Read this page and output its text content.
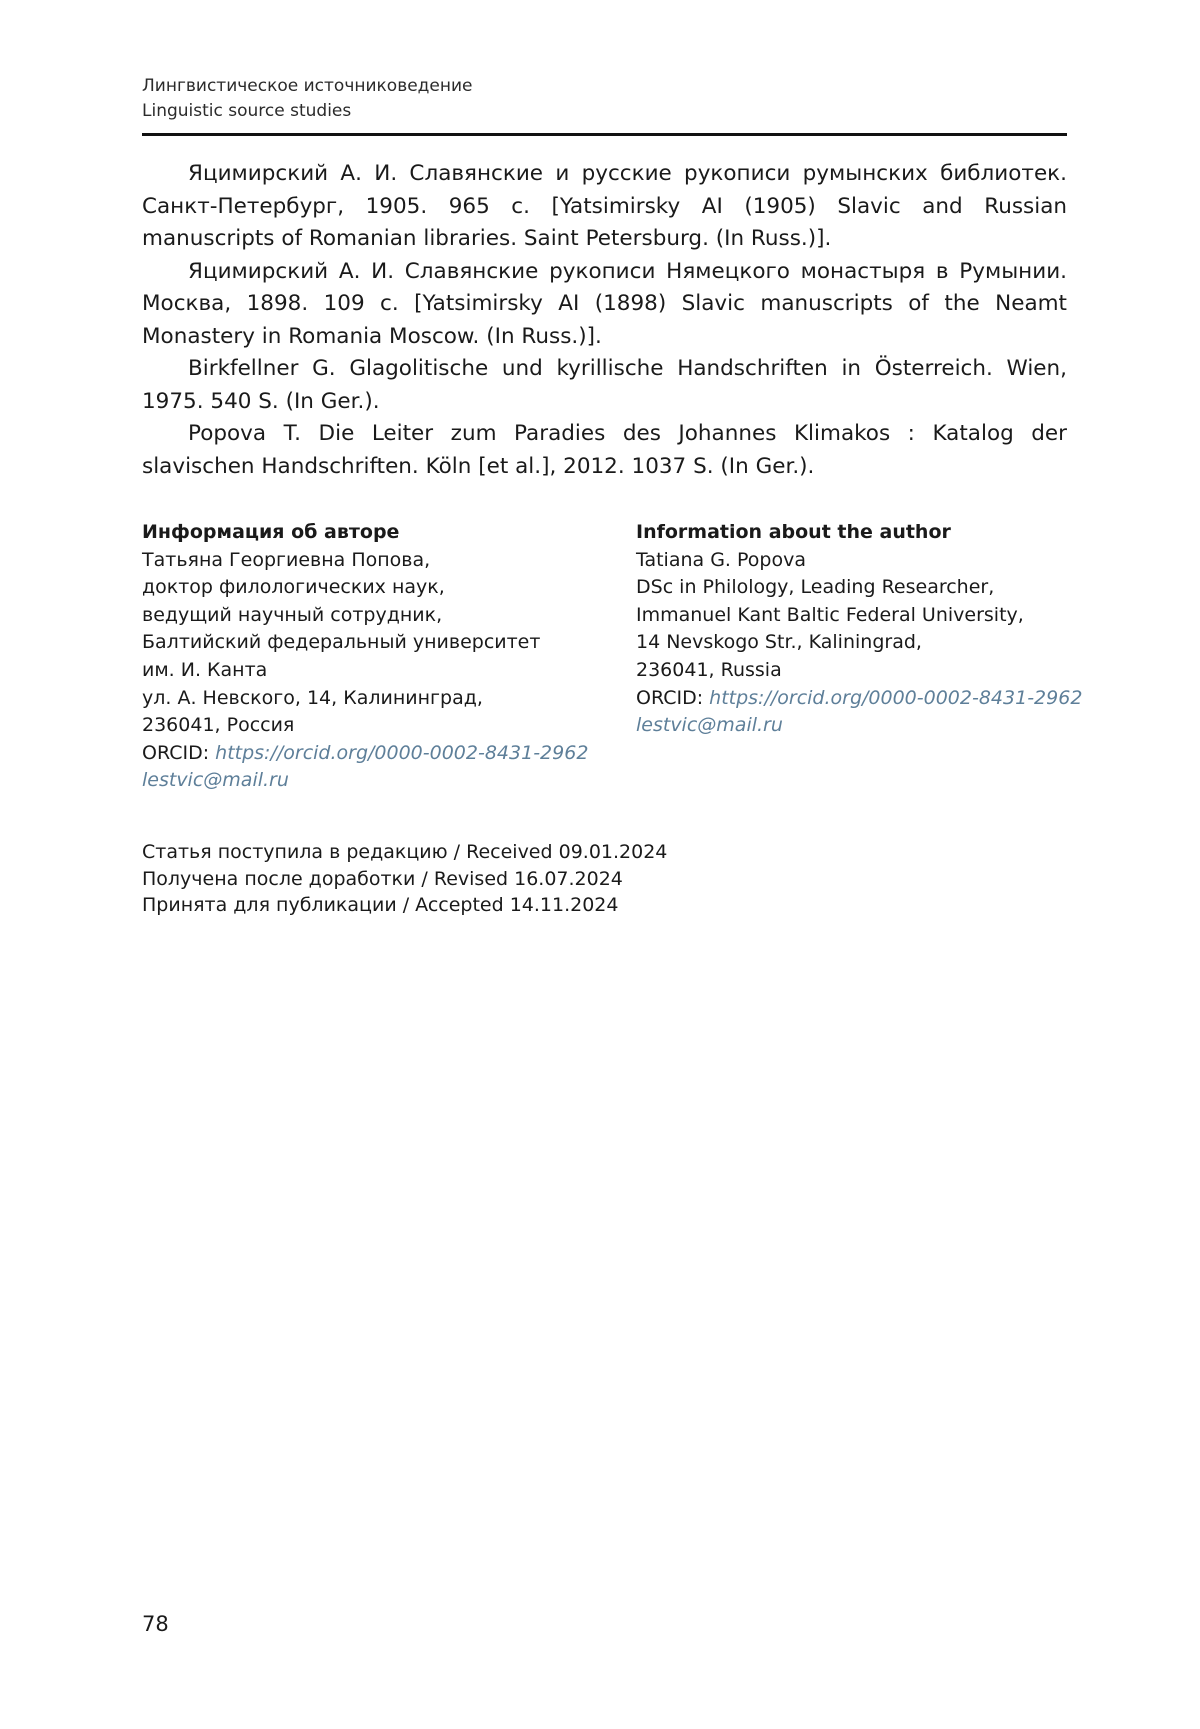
Лингвистическое источниковедение
Linguistic source studies

Яцимирский А. И. Славянские и русские рукописи румынских библиотек. Санкт-Петербург, 1905. 965 с. [Yatsimirsky AI (1905) Slavic and Russian manuscripts of Romanian libraries. Saint Petersburg. (In Russ.)].

Яцимирский А. И. Славянские рукописи Нямецкого монастыря в Румынии. Москва, 1898. 109 с. [Yatsimirsky AI (1898) Slavic manuscripts of the Neamt Monastery in Romania Moscow. (In Russ.)].

Birkfellner G. Glagolitische und kyrillische Handschriften in Österreich. Wien, 1975. 540 S. (In Ger.).

Popova T. Die Leiter zum Paradies des Johannes Klimakos : Katalog der slavischen Handschriften. Köln [et al.], 2012. 1037 S. (In Ger.).

Информация об авторе
Татьяна Георгиевна Попова,
доктор филологических наук,
ведущий научный сотрудник,
Балтийский федеральный университет
им. И. Канта
ул. А. Невского, 14, Калининград,
236041, Россия
ORCID: https://orcid.org/0000-0002-8431-2962
lestvic@mail.ru
Information about the author
Tatiana G. Popova
DSc in Philology, Leading Researcher,
Immanuel Kant Baltic Federal University,
14 Nevskogo Str., Kaliningrad,
236041, Russia
ORCID: https://orcid.org/0000-0002-8431-2962
lestvic@mail.ru
Статья поступила в редакцию / Received 09.01.2024
Получена после доработки / Revised 16.07.2024
Принята для публикации / Accepted 14.11.2024
78
